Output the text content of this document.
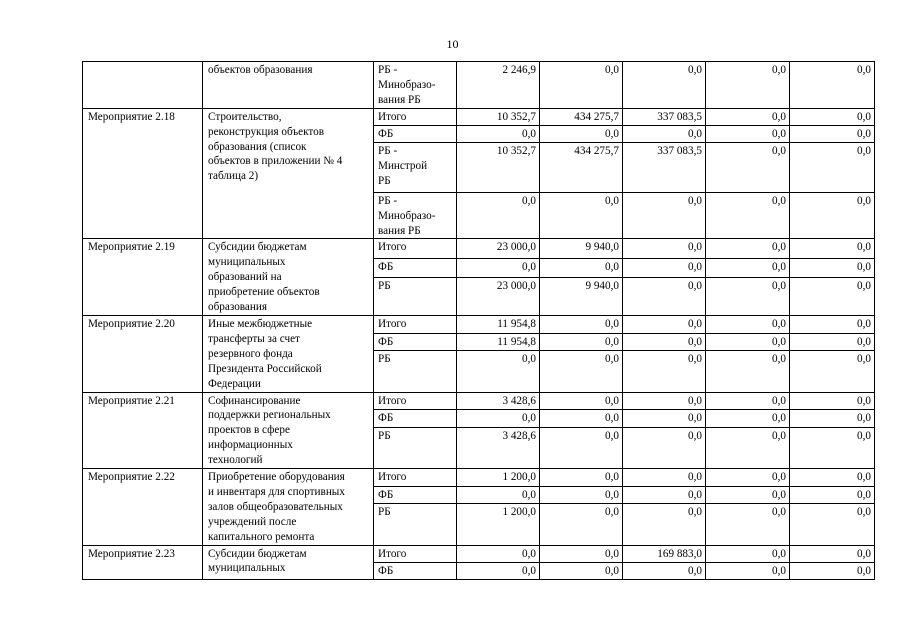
10
	объектов образования	РБ -
Минобразо-
вания РБ	2 246,9	0,0	0,0	0,0	0,0
Мероприятие 2.18	Строительство,
реконструкция объектов
образования (список
объектов в приложении № 4
таблица 2)	Итого	10 352,7	434 275,7	337 083,5	0,0	0,0
		ФБ	0,0	0,0	0,0	0,0	0,0
		РБ -
Минстрой
РБ	10 352,7	434 275,7	337 083,5	0,0	0,0
		РБ -
Минобразо-
вания РБ	0,0	0,0	0,0	0,0	0,0
Мероприятие 2.19	Субсидии бюджетам
муниципальных
образований на
приобретение объектов
образования	Итого	23 000,0	9 940,0	0,0	0,0	0,0
		ФБ	0,0	0,0	0,0	0,0	0,0
		РБ	23 000,0	9 940,0	0,0	0,0	0,0
Мероприятие 2.20	Иные межбюджетные
трансферты за счет
резервного фонда
Президента Российской
Федерации	Итого	11 954,8	0,0	0,0	0,0	0,0
		ФБ	11 954,8	0,0	0,0	0,0	0,0
		РБ	0,0	0,0	0,0	0,0	0,0
Мероприятие 2.21	Софинансирование
поддержки региональных
проектов в сфере
информационных
технологий	Итого	3 428,6	0,0	0,0	0,0	0,0
		ФБ	0,0	0,0	0,0	0,0	0,0
		РБ	3 428,6	0,0	0,0	0,0	0,0
Мероприятие 2.22	Приобретение оборудования
и инвентаря для спортивных
залов общеобразовательных
учреждений после
капитального ремонта	Итого	1 200,0	0,0	0,0	0,0	0,0
		ФБ	0,0	0,0	0,0	0,0	0,0
		РБ	1 200,0	0,0	0,0	0,0	0,0
Мероприятие 2.23	Субсидии бюджетам
муниципальных	Итого	0,0	0,0	169 883,0	0,0	0,0
		ФБ	0,0	0,0	0,0	0,0	0,0
